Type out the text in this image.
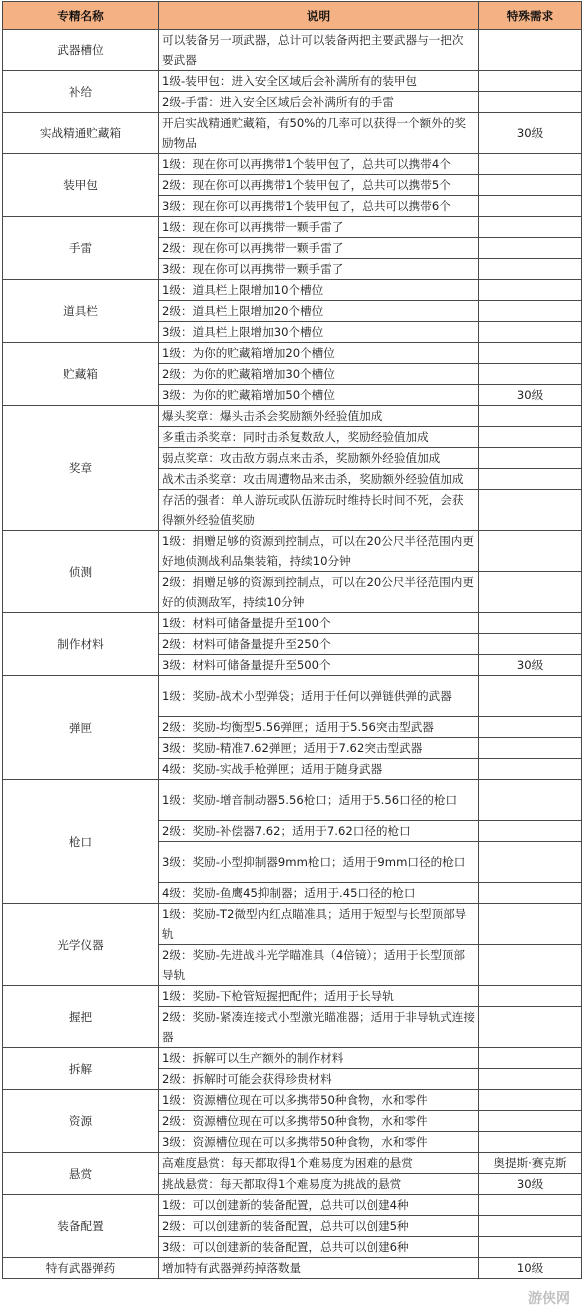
专精名称	说明	特殊需求
武器槽位	可以装备另一项武器，总计可以装备两把主要武器与一把次要武器	
补给	1级-装甲包：进入安全区域后会补满所有的装甲包	
	2级-手雷：进入安全区域后会补满所有的手雷	
实战精通贮藏箱	开启实战精通贮藏箱，有50%的几率可以获得一个额外的奖励物品	30级
装甲包	1级：现在你可以再携带1个装甲包了，总共可以携带4个	
	2级：现在你可以再携带1个装甲包了，总共可以携带5个	
	3级：现在你可以再携带1个装甲包了，总共可以携带6个	
手雷	1级：现在你可以再携带一颗手雷了	
	2级：现在你可以再携带一颗手雷了	
	3级：现在你可以再携带一颗手雷了	
道具栏	1级：道具栏上限增加10个槽位	
	2级：道具栏上限增加20个槽位	
	3级：道具栏上限增加30个槽位	
贮藏箱	1级：为你的贮藏箱增加20个槽位	
	2级：为你的贮藏箱增加30个槽位	
	3级：为你的贮藏箱增加50个槽位	30级
奖章	爆头奖章：爆头击杀会奖励额外经验值加成	
	多重击杀奖章：同时击杀复数敌人，奖励经验值加成	
	弱点奖章：攻击敌方弱点来击杀，奖励额外经验值加成	
	战术击杀奖章：攻击周遭物品来击杀，奖励额外经验值加成	
	存活的强者：单人游玩或队伍游玩时维持长时间不死，会获得额外经验值奖励	
侦测	1级：捐赠足够的资源到控制点，可以在20公尺半径范围内更好地侦测战利品集装箱，持续10分钟	
	2级：捐赠足够的资源到控制点，可以在20公尺半径范围内更好的侦测敌军，持续10分钟	
制作材料	1级：材料可储备量提升至100个	
	2级：材料可储备量提升至250个	
	3级：材料可储备量提升至500个	30级
弹匣	1级：奖励-战术小型弹袋；适用于任何以弹链供弹的武器	
	2级：奖励-均衡型5.56弹匣；适用于5.56突击型武器	
	3级：奖励-精准7.62弹匣；适用于7.62突击型武器	
	4级：奖励-实战手枪弹匣；适用于随身武器	
枪口	1级：奖励-增音制动器5.56枪口；适用于5.56口径的枪口	
	2级：奖励-补偿器7.62；适用于7.62口径的枪口	
	3级：奖励-小型抑制器9mm枪口；适用于9mm口径的枪口	
	4级：奖励-鱼鹰45抑制器；适用于.45口径的枪口	
光学仪器	1级：奖励-T2微型内红点瞄准具；适用于短型与长型顶部导轨	
	2级：奖励-先进战斗光学瞄准具（4倍镜）；适用于长型顶部导轨	
握把	1级：奖励-下枪管短握把配件；适用于长导轨	
	2级：奖励-紧凑连接式小型激光瞄准器；适用于非导轨式连接器	
拆解	1级：拆解可以生产额外的制作材料	
	2级：拆解时可能会获得珍贵材料	
资源	1级：资源槽位现在可以多携带50种食物，水和零件	
	2级：资源槽位现在可以多携带50种食物，水和零件	
	3级：资源槽位现在可以多携带50种食物，水和零件	
悬赏	高难度悬赏：每天都取得1个难易度为困难的悬赏	奥提斯·赛克斯
	挑战悬赏：每天都取得1个难易度为挑战的悬赏	30级
装备配置	1级：可以创建新的装备配置，总共可以创建4种	
	2级：可以创建新的装备配置，总共可以创建5种	
	3级：可以创建新的装备配置，总共可以创建6种	
特有武器弹药	增加特有武器弹药掉落数量	10级
游侠网
